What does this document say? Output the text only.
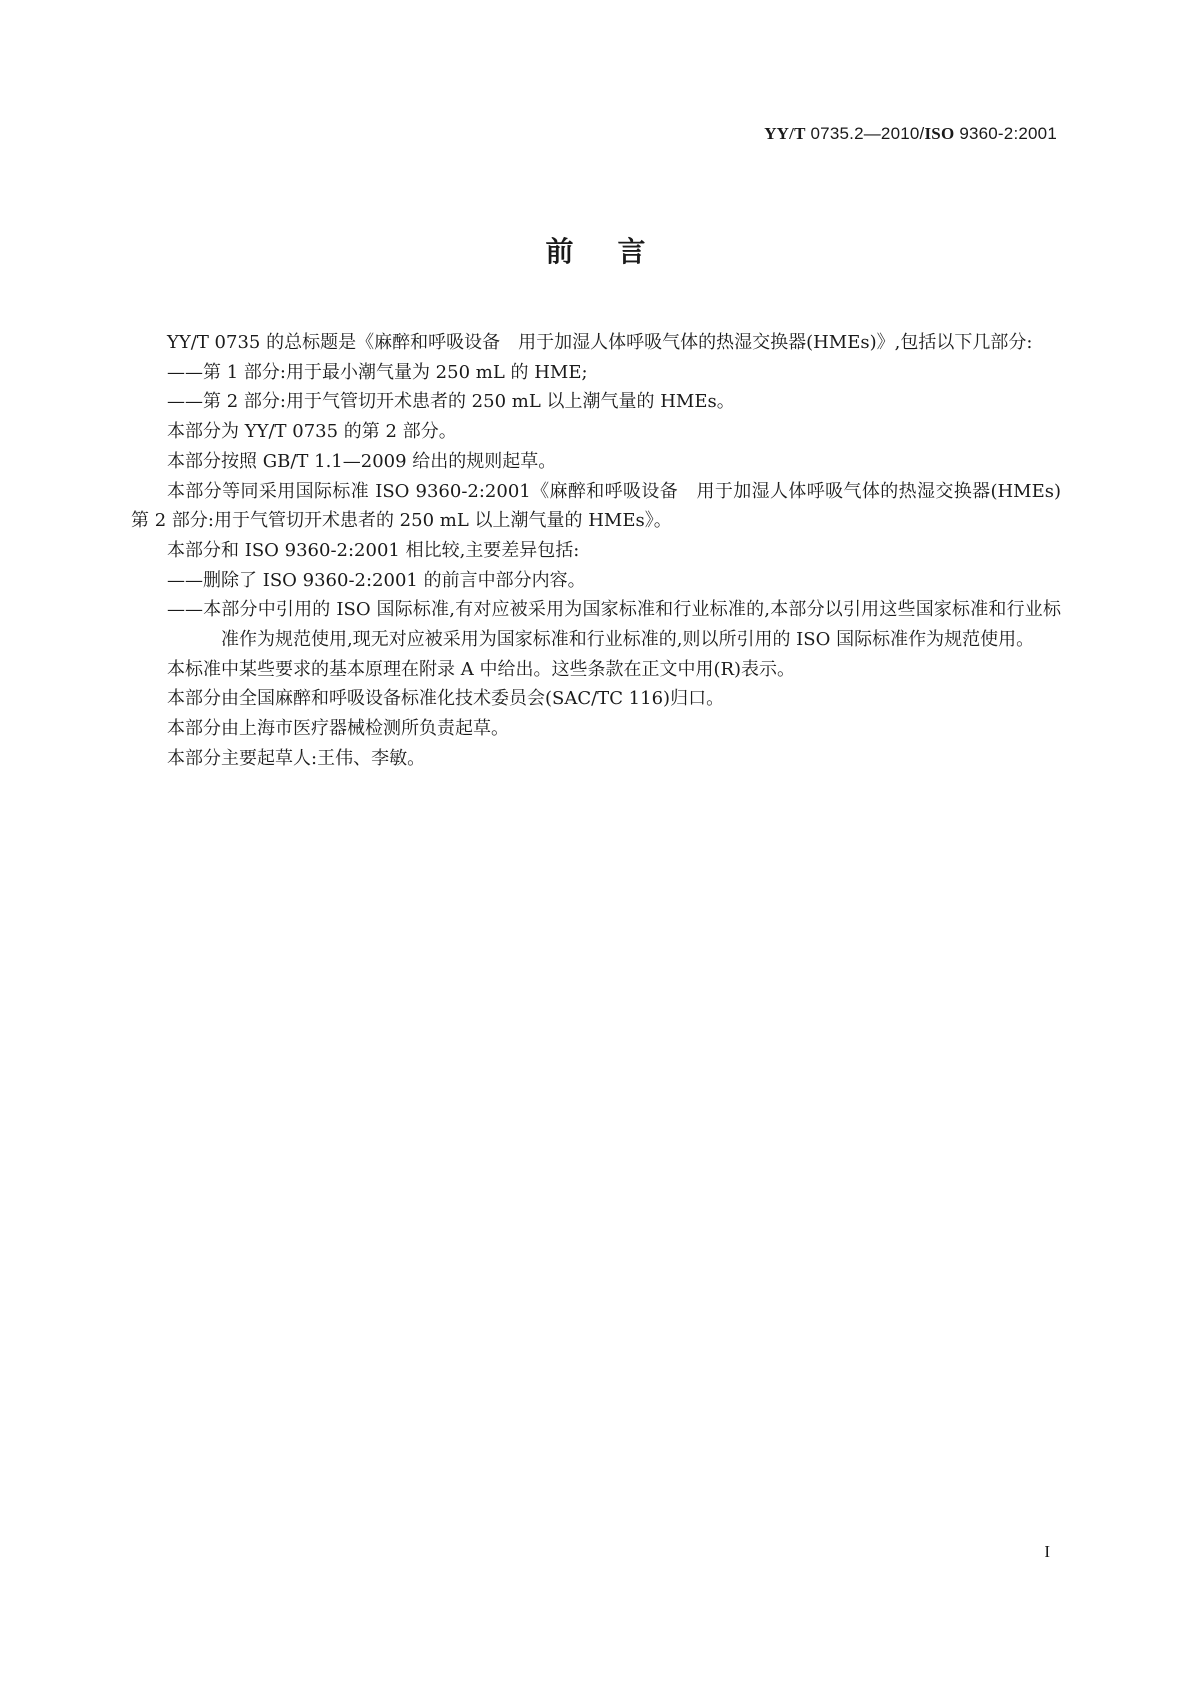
YY/T 0735.2—2010/ISO 9360-2:2001
前言

YY/T 0735 的总标题是《麻醉和呼吸设备　用于加湿人体呼吸气体的热湿交换器(HMEs)》,包括以下几部分:

——第 1 部分:用于最小潮气量为 250 mL 的 HME;

——第 2 部分:用于气管切开术患者的 250 mL 以上潮气量的 HMEs。

本部分为 YY/T 0735 的第 2 部分。

本部分按照 GB/T 1.1—2009 给出的规则起草。

本部分等同采用国际标准 ISO 9360-2:2001《麻醉和呼吸设备　用于加湿人体呼吸气体的热湿交换器(HMEs)　第 2 部分:用于气管切开术患者的 250 mL 以上潮气量的 HMEs》。

本部分和 ISO 9360-2:2001 相比较,主要差异包括:

——删除了 ISO 9360-2:2001 的前言中部分内容。

——本部分中引用的 ISO 国际标准,有对应被采用为国家标准和行业标准的,本部分以引用这些国家标准和行业标准作为规范使用,现无对应被采用为国家标准和行业标准的,则以所引用的 ISO 国际标准作为规范使用。

本标准中某些要求的基本原理在附录 A 中给出。这些条款在正文中用(R)表示。

本部分由全国麻醉和呼吸设备标准化技术委员会(SAC/TC 116)归口。

本部分由上海市医疗器械检测所负责起草。

本部分主要起草人:王伟、李敏。

I
